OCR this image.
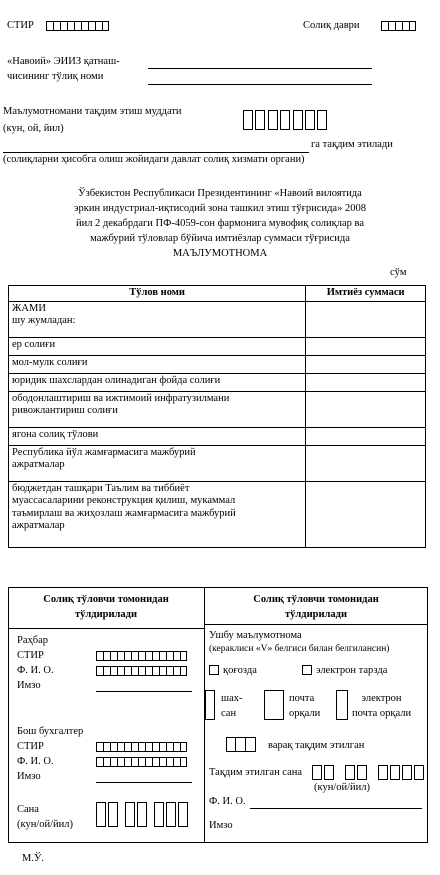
СТИР	Солиқ даври
«Навоий» ЭИИЗ қатнаш-
чисининг тўлиқ номи
Маълумотномани тақдим этиш муддати
(кун, ой, йил)
га тақдим этилади
(солиқларни ҳисобга олиш жойидаги давлат солиқ хизмати органи)
Ўзбекистон Республикаси Президентининг «Навоий вилоятида
эркин индустриал-иқтисодий зона ташкил этиш тўғрисида» 2008
йил 2 декабрдаги ПФ-4059-сон фармонига мувофиқ солиқлар ва
мажбурий тўловлар бўйича имтиёзлар суммаси тўғрисида
МАЪЛУМОТНОМА
сўм
Тўлов номи	Имтиёз суммаси

ЖАМИ
шу жумладан:	

ер солиғи	
мол-мулк солиғи	
юридик шахслардан олинадиган фойда солиғи	

ободонлаштириш ва ижтимоий инфратузилмани
ривожлантириш солиғи	

ягона солиқ тўлови	

Республика йўл жамғармасига мажбурий
ажратмалар	

бюджетдан ташқари Таълим ва тиббиёт
муассасаларини реконструкция қилиш, мукаммал
таъмирлаш ва жиҳозлаш жамғармасига мажбурий
ажратмалар	

Солиқ тўловчи томонидан
тўлдирилади
Солиқ тўловчи томонидан
тўлдирилади
Раҳбар
СТИР
Ф. И. О.
Имзо
Бош бухгалтер
СТИР
Ф. И. О.
Имзо
Сана
(кун/ой/йил)
Ушбу маълумотнома
(кераклиси «V» белгиси билан белгилансин)
қоғозда	электрон тарзда
шах-
сан
почта
орқали
электрон
почта орқали
варақ тақдим этилган
Тақдим этилган сана
(кун/ой/йил)
Ф. И. О.
Имзо
М.Ў.
